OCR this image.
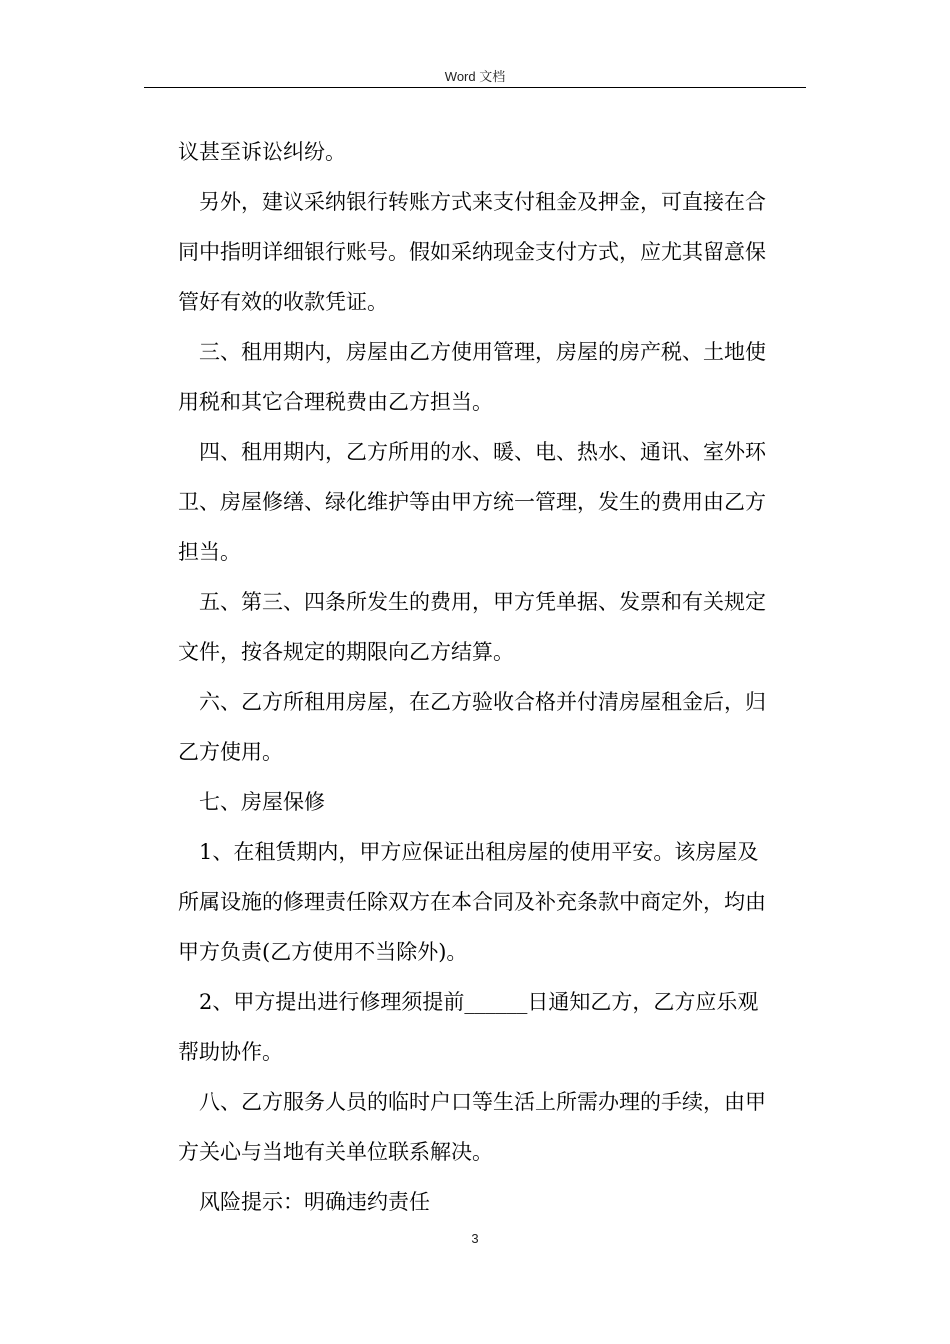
Word 文档

议甚至诉讼纠纷。

另外，建议采纳银行转账方式来支付租金及押金，可直接在合

同中指明详细银行账号。假如采纳现金支付方式，应尤其留意保

管好有效的收款凭证。

三、租用期内，房屋由乙方使用管理，房屋的房产税、土地使

用税和其它合理税费由乙方担当。

四、租用期内，乙方所用的水、暖、电、热水、通讯、室外环

卫、房屋修缮、绿化维护等由甲方统一管理，发生的费用由乙方

担当。

五、第三、四条所发生的费用，甲方凭单据、发票和有关规定

文件，按各规定的期限向乙方结算。

六、乙方所租用房屋，在乙方验收合格并付清房屋租金后，归

乙方使用。

七、房屋保修

1、在租赁期内，甲方应保证出租房屋的使用平安。该房屋及

所属设施的修理责任除双方在本合同及补充条款中商定外，均由

甲方负责(乙方使用不当除外)。

2、甲方提出进行修理须提前______日通知乙方，乙方应乐观

帮助协作。

八、乙方服务人员的临时户口等生活上所需办理的手续，由甲

方关心与当地有关单位联系解决。

风险提示：明确违约责任

3
